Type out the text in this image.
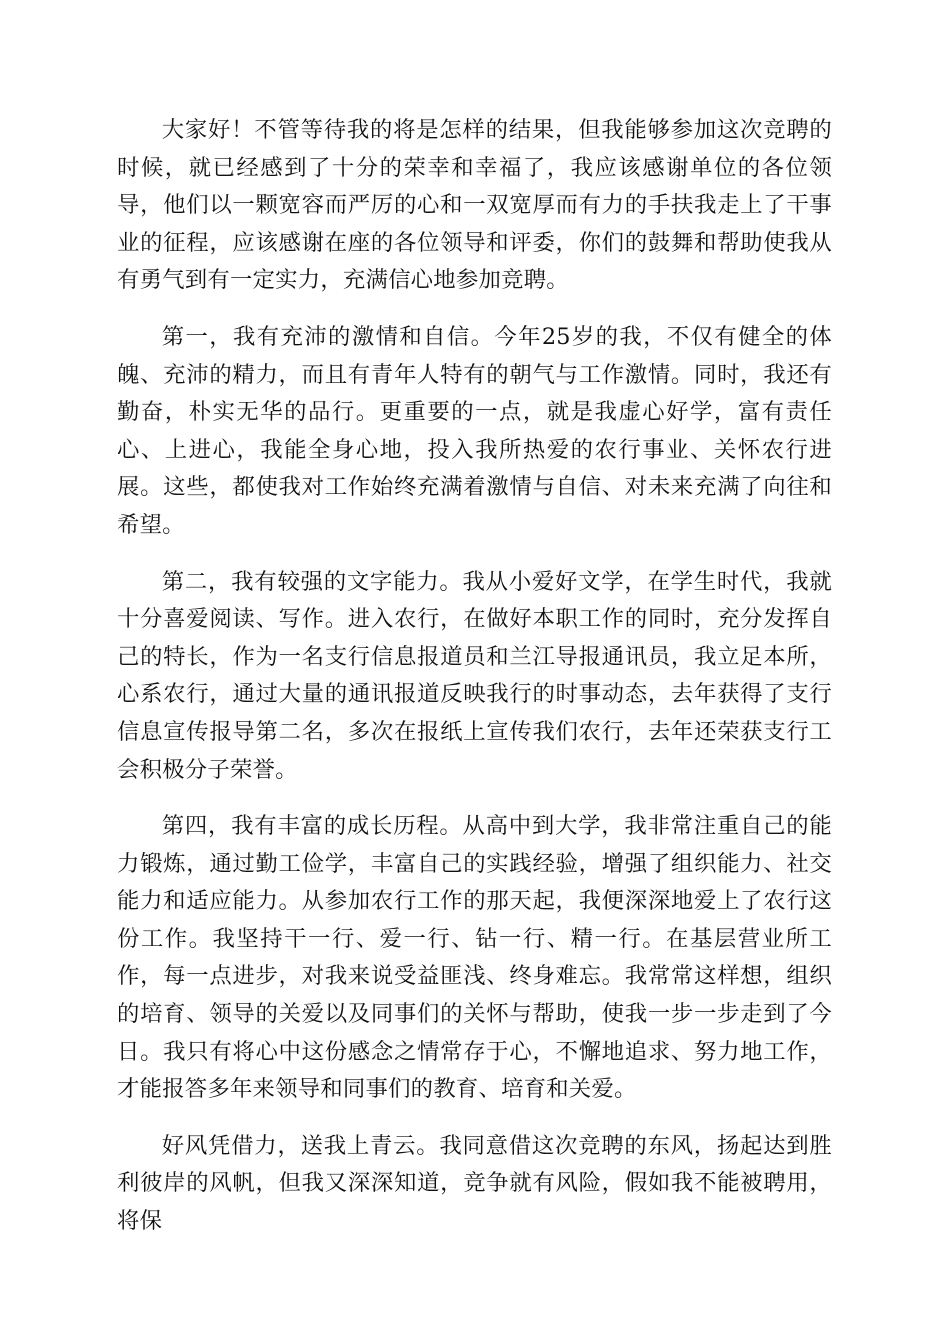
大家好！不管等待我的将是怎样的结果，但我能够参加这次竞聘的时候，就已经感到了十分的荣幸和幸福了，我应该感谢单位的各位领导，他们以一颗宽容而严厉的心和一双宽厚而有力的手扶我走上了干事业的征程，应该感谢在座的各位领导和评委，你们的鼓舞和帮助使我从有勇气到有一定实力，充满信心地参加竞聘。

第一，我有充沛的激情和自信。今年25岁的我，不仅有健全的体魄、充沛的精力，而且有青年人特有的朝气与工作激情。同时，我还有勤奋，朴实无华的品行。更重要的一点，就是我虚心好学，富有责任心、上进心，我能全身心地，投入我所热爱的农行事业、关怀农行进展。这些，都使我对工作始终充满着激情与自信、对未来充满了向往和希望。

第二，我有较强的文字能力。我从小爱好文学，在学生时代，我就十分喜爱阅读、写作。进入农行，在做好本职工作的同时，充分发挥自己的特长，作为一名支行信息报道员和兰江导报通讯员，我立足本所，心系农行，通过大量的通讯报道反映我行的时事动态，去年获得了支行信息宣传报导第二名，多次在报纸上宣传我们农行，去年还荣获支行工会积极分子荣誉。

第四，我有丰富的成长历程。从高中到大学，我非常注重自己的能力锻炼，通过勤工俭学，丰富自己的实践经验，增强了组织能力、社交能力和适应能力。从参加农行工作的那天起，我便深深地爱上了农行这份工作。我坚持干一行、爱一行、钻一行、精一行。在基层营业所工作，每一点进步，对我来说受益匪浅、终身难忘。我常常这样想，组织的培育、领导的关爱以及同事们的关怀与帮助，使我一步一步走到了今日。我只有将心中这份感念之情常存于心，不懈地追求、努力地工作，才能报答多年来领导和同事们的教育、培育和关爱。

好风凭借力，送我上青云。我同意借这次竞聘的东风，扬起达到胜利彼岸的风帆，但我又深深知道，竞争就有风险，假如我不能被聘用，将保
